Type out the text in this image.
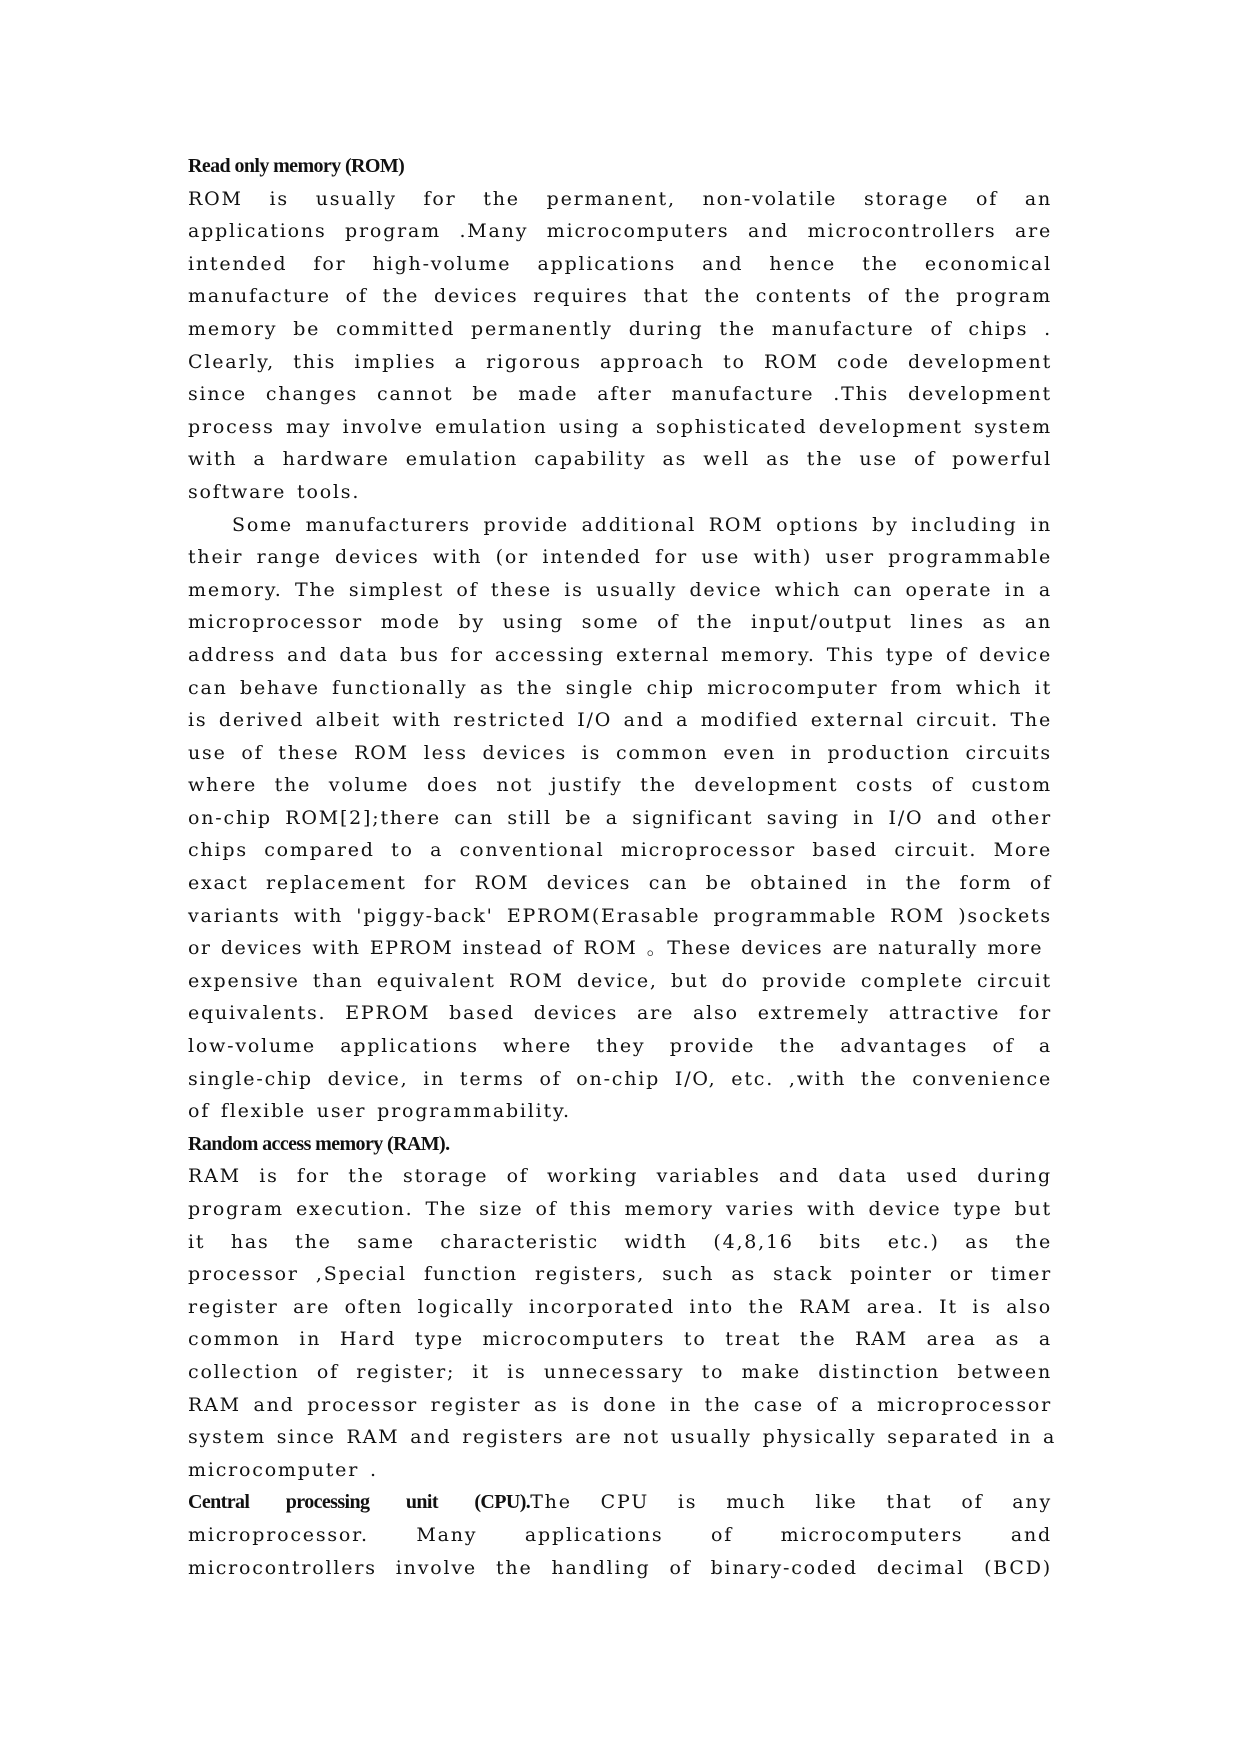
Read only memory (ROM)
ROM is usually for the permanent, non-volatile storage of an
applications program .Many microcomputers and microcontrollers are
intended for high-volume applications and hence the economical
manufacture of the devices requires that the contents of the program
memory be committed permanently during the manufacture of chips .
Clearly, this implies a rigorous approach to ROM code development
since changes cannot be made after manufacture .This development
process may involve emulation using a sophisticated development system
with a hardware emulation capability as well as the use of powerful
software tools.
Some manufacturers provide additional ROM options by including in
their range devices with (or intended for use with) user programmable
memory. The simplest of these is usually device which can operate in a
microprocessor mode by using some of the input/output lines as an
address and data bus for accessing external memory. This type of device
can behave functionally as the single chip microcomputer from which it
is derived albeit with restricted I/O and a modified external circuit. The
use of these ROM less devices is common even in production circuits
where the volume does not justify the development costs of custom
on-chip ROM[2];there can still be a significant saving in I/O and other
chips compared to a conventional microprocessor based circuit. More
exact replacement for ROM devices can be obtained in the form of
variants with 'piggy-back' EPROM(Erasable programmable ROM )sockets
or devices with EPROM instead of ROM 。These devices are naturally more
expensive than equivalent ROM device, but do provide complete circuit
equivalents. EPROM based devices are also extremely attractive for
low-volume applications where they provide the advantages of a
single-chip device, in terms of on-chip I/O, etc. ,with the convenience
of flexible user programmability.
Random access memory (RAM).
RAM is for the storage of working variables and data used during
program execution. The size of this memory varies with device type but
it has the same characteristic width (4,8,16 bits etc.) as the
processor ,Special function registers, such as stack pointer or timer
register are often logically incorporated into the RAM area. It is also
common in Hard type microcomputers to treat the RAM area as a
collection of register; it is unnecessary to make distinction between
RAM and processor register as is done in the case of a microprocessor
system since RAM and registers are not usually physically separated in a
microcomputer .
Central processing unit (CPU).The CPU is much like that of any
microprocessor. Many applications of microcomputers and
microcontrollers involve the handling of binary-coded decimal (BCD)
